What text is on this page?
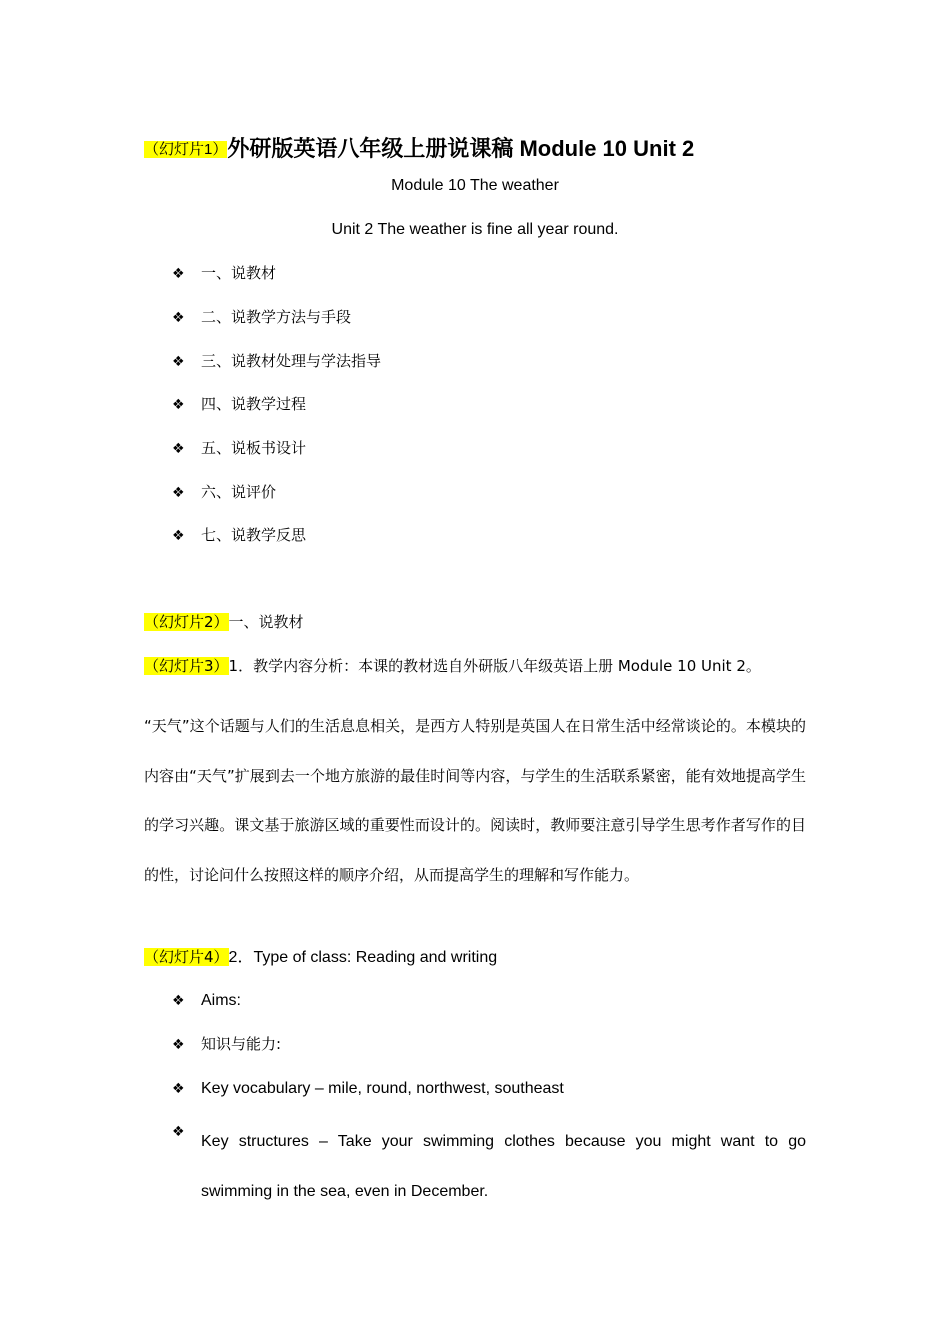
（幻灯片1）外研版英语八年级上册说课稿 Module 10 Unit 2
Module 10 The weather
Unit 2 The weather is fine all year round.
❖ 一、说教材
❖ 二、说教学方法与手段
❖ 三、说教材处理与学法指导
❖ 四、说教学过程
❖ 五、说板书设计
❖ 六、说评价
❖ 七、说教学反思
（幻灯片2）一、说教材
（幻灯片3）1．教学内容分析：本课的教材选自外研版八年级英语上册 Module 10 Unit 2。
“天气”这个话题与人们的生活息息相关，是西方人特别是英国人在日常生活中经常谈论的。本模块的内容由“天气”扩展到去一个地方旅游的最佳时间等内容，与学生的生活联系紧密，能有效地提高学生的学习兴趣。课文基于旅游区域的重要性而设计的。阅读时，教师要注意引导学生思考作者写作的目的性，讨论问什么按照这样的顺序介绍，从而提高学生的理解和写作能力。
（幻灯片4）2．Type of class: Reading and writing
❖ Aims:
❖ 知识与能力:
❖ Key vocabulary – mile, round, northwest, southeast
❖
Key structures – Take your swimming clothes because you might want to go swimming in the sea, even in December.
